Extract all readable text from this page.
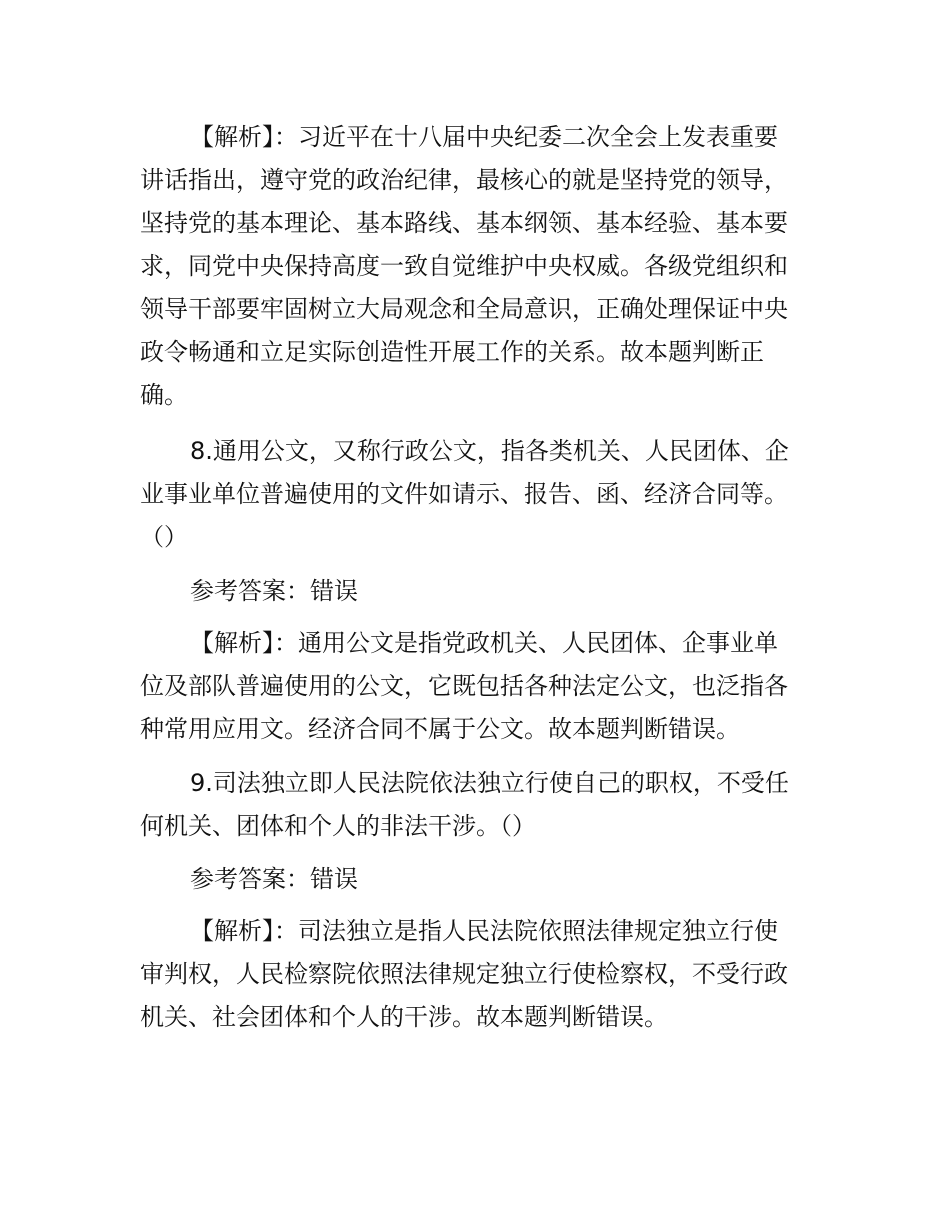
【解析】：习近平在十八届中央纪委二次全会上发表重要
讲话指出，遵守党的政治纪律，最核心的就是坚持党的领导，
坚持党的基本理论、基本路线、基本纲领、基本经验、基本要
求，同党中央保持高度一致自觉维护中央权威。各级党组织和
领导干部要牢固树立大局观念和全局意识，正确处理保证中央
政令畅通和立足实际创造性开展工作的关系。故本题判断正
确。
8.通用公文，又称行政公文，指各类机关、人民团体、企
业事业单位普遍使用的文件如请示、报告、函、经济合同等。
（）
参考答案：错误
【解析】：通用公文是指党政机关、人民团体、企事业单
位及部队普遍使用的公文，它既包括各种法定公文，也泛指各
种常用应用文。经济合同不属于公文。故本题判断错误。
9.司法独立即人民法院依法独立行使自己的职权，不受任
何机关、团体和个人的非法干涉。（）
参考答案：错误
【解析】：司法独立是指人民法院依照法律规定独立行使
审判权，人民检察院依照法律规定独立行使检察权，不受行政
机关、社会团体和个人的干涉。故本题判断错误。
